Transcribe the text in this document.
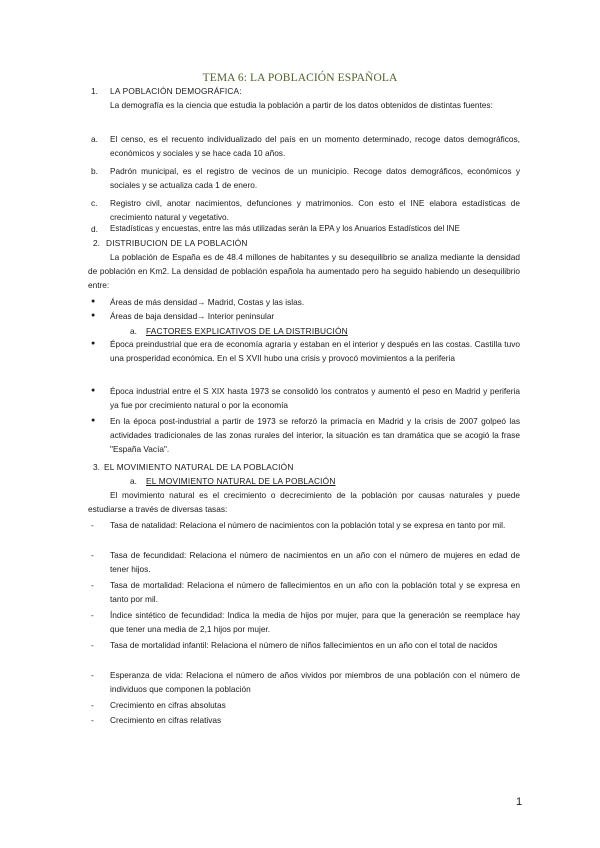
TEMA 6: LA POBLACIÓN ESPAÑOLA
1. LA POBLACIÓN DEMOGRÁFICA:
La demografía es la ciencia que estudia la población a partir de los datos obtenidos de distintas fuentes:
a. El censo, es el recuento individualizado del país en un momento determinado, recoge datos demográficos, económicos y sociales y se hace cada 10 años.
b. Padrón municipal, es el registro de vecinos de un municipio. Recoge datos demográficos, económicos y sociales y se actualiza cada 1 de enero.
c. Registro civil, anotar nacimientos, defunciones y matrimonios. Con esto el INE elabora estadísticas de crecimiento natural y vegetativo.
d. Estadísticas y encuestas, entre las más utilizadas serán la EPA y los Anuarios Estadísticos del INE
2. DISTRIBUCION DE LA POBLACIÓN
La población de España es de 48.4 millones de habitantes y su desequilibrio se analiza mediante la densidad de población en Km2. La densidad de población española ha aumentado pero ha seguido habiendo un desequilibrio entre:
● Áreas de más densidad→ Madrid, Costas y las islas.
● Áreas de baja densidad→ Interior peninsular
a. FACTORES EXPLICATIVOS DE LA DISTRIBUCIÓN
● Época preindustrial que era de economía agraria y estaban en el interior y después en las costas. Castilla tuvo una prosperidad económica. En el S XVII hubo una crisis y provocó movimientos a la periferia
● Época industrial entre el S XIX hasta 1973 se consolidó los contratos y aumentó el peso en Madrid y periferia ya fue por crecimiento natural o por la economía
● En la época post-industrial a partir de 1973 se reforzó la primacía en Madrid y la crisis de 2007 golpeó las actividades tradicionales de las zonas rurales del interior, la situación es tan dramática que se acogió la frase "España Vacía".
3. EL MOVIMIENTO NATURAL DE LA POBLACIÓN
a. EL MOVIMIENTO NATURAL DE LA POBLACIÓN
El movimiento natural es el crecimiento o decrecimiento de la población por causas naturales y puede estudiarse a través de diversas tasas:
- Tasa de natalidad: Relaciona el número de nacimientos con la población total y se expresa en tanto por mil.
- Tasa de fecundidad: Relaciona el número de nacimientos en un año con el número de mujeres en edad de tener hijos.
- Tasa de mortalidad: Relaciona el número de fallecimientos en un año con la población total y se expresa en tanto por mil.
- Índice sintético de fecundidad: Indica la media de hijos por mujer, para que la generación se reemplace hay que tener una media de 2,1 hijos por mujer.
- Tasa de mortalidad infantil: Relaciona el número de niños fallecimientos en un año con el total de nacidos
- Esperanza de vida: Relaciona el número de años vividos por miembros de una población con el número de individuos que componen la población
- Crecimiento en cifras absolutas
- Crecimiento en cifras relativas
1
